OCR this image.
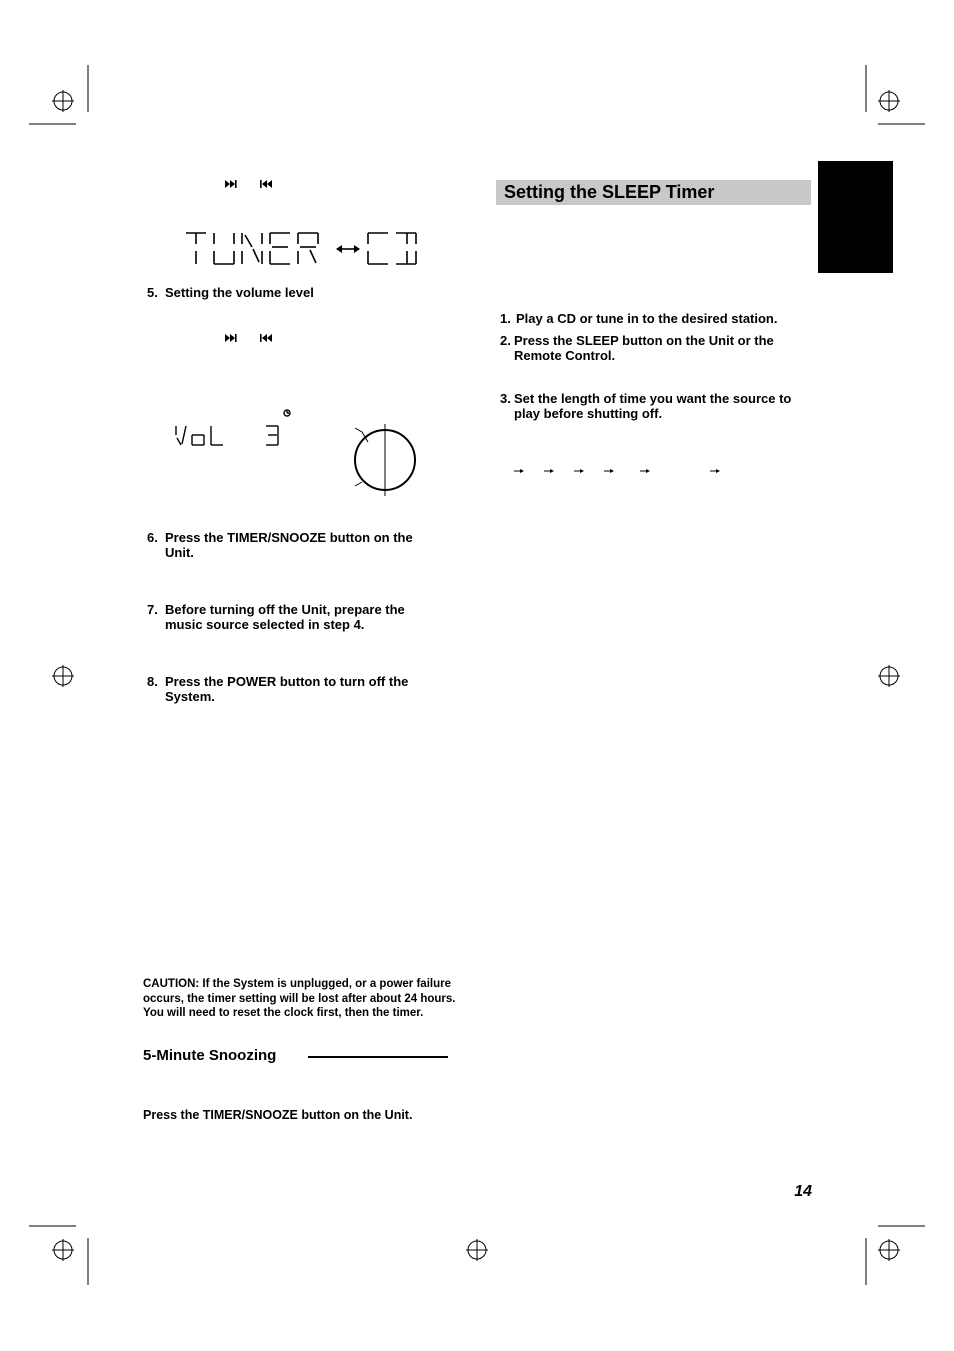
5. Setting the volume level
6. Press the TIMER/SNOOZE button on the Unit.
7. Before turning off the Unit, prepare the music source selected in step 4.
8. Press the POWER button to turn off the System.
CAUTION: If the System is unplugged, or a power failure occurs, the timer setting will be lost after about 24 hours. You will need to reset the clock first, then the timer.
5-Minute Snoozing
Press the TIMER/SNOOZE button on the Unit.
Setting the SLEEP Timer
1. Play a CD or tune in to the desired station.
2. Press the SLEEP button on the Unit or the Remote Control.
3. Set the length of time you want the source to play before shutting off.
14
